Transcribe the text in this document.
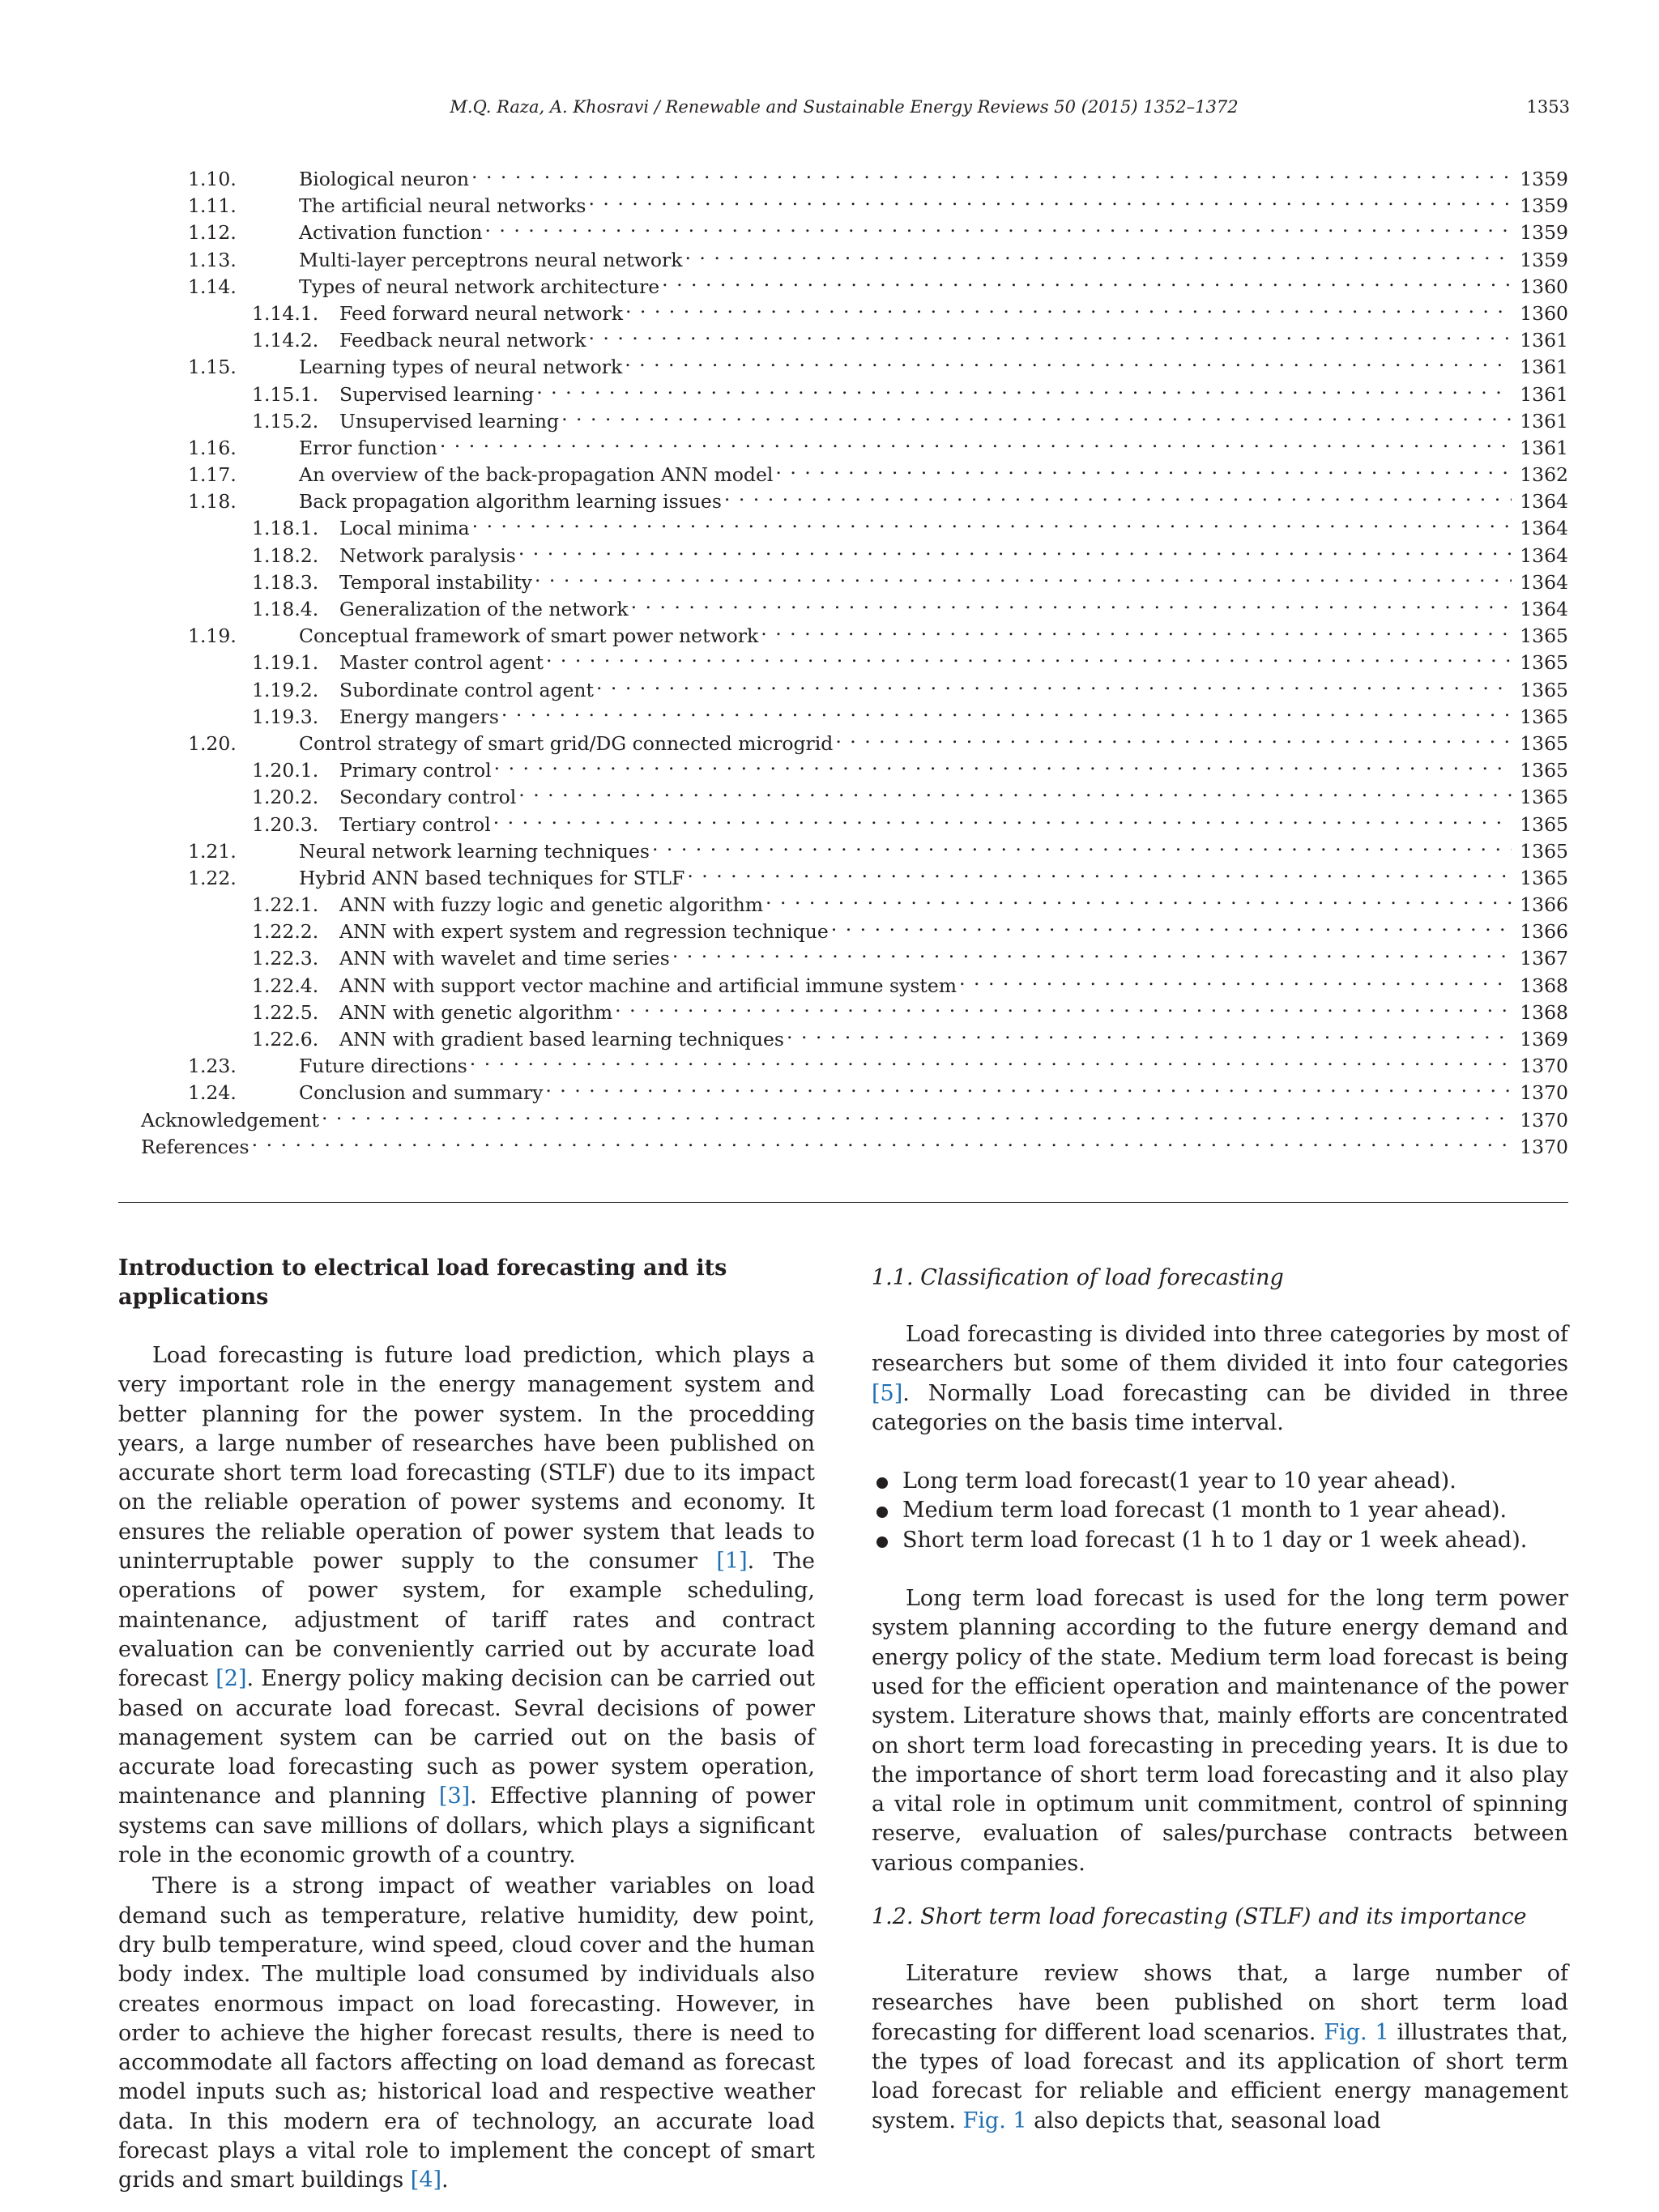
M.Q. Raza, A. Khosravi / Renewable and Sustainable Energy Reviews 50 (2015) 1352–1372	1353
1.10.	Biological neuron . . .	1359
1.11.	The artificial neural networks . . .	1359
1.12.	Activation function . . .	1359
1.13.	Multi-layer perceptrons neural network . . .	1359
1.14.	Types of neural network architecture . . .	1360
1.14.1.	Feed forward neural network . . .	1360
1.14.2.	Feedback neural network . . .	1361
1.15.	Learning types of neural network . . .	1361
1.15.1.	Supervised learning . . .	1361
1.15.2.	Unsupervised learning . . .	1361
1.16.	Error function . . .	1361
1.17.	An overview of the back-propagation ANN model . . .	1362
1.18.	Back propagation algorithm learning issues . . .	1364
1.18.1.	Local minima . . .	1364
1.18.2.	Network paralysis . . .	1364
1.18.3.	Temporal instability . . .	1364
1.18.4.	Generalization of the network . . .	1364
1.19.	Conceptual framework of smart power network . . .	1365
1.19.1.	Master control agent . . .	1365
1.19.2.	Subordinate control agent . . .	1365
1.19.3.	Energy mangers . . .	1365
1.20.	Control strategy of smart grid/DG connected microgrid . . .	1365
1.20.1.	Primary control . . .	1365
1.20.2.	Secondary control . . .	1365
1.20.3.	Tertiary control . . .	1365
1.21.	Neural network learning techniques . . .	1365
1.22.	Hybrid ANN based techniques for STLF . . .	1365
1.22.1.	ANN with fuzzy logic and genetic algorithm . . .	1366
1.22.2.	ANN with expert system and regression technique . . .	1366
1.22.3.	ANN with wavelet and time series . . .	1367
1.22.4.	ANN with support vector machine and artificial immune system . . .	1368
1.22.5.	ANN with genetic algorithm . . .	1368
1.22.6.	ANN with gradient based learning techniques . . .	1369
1.23.	Future directions . . .	1370
1.24.	Conclusion and summary . . .	1370
Acknowledgement . . .	1370
References . . .	1370
Introduction to electrical load forecasting and its applications

Load forecasting is future load prediction, which plays a very important role in the energy management system and better planning for the power system. In the procedding years, a large number of researches have been published on accurate short term load forecasting (STLF) due to its impact on the reliable operation of power systems and economy. It ensures the reliable operation of power system that leads to uninterruptable power supply to the consumer [1]. The operations of power system, for example scheduling, maintenance, adjustment of tariff rates and contract evaluation can be conveniently carried out by accurate load forecast [2]. Energy policy making decision can be carried out based on accurate load forecast. Sevral decisions of power management system can be carried out on the basis of accurate load forecasting such as power system operation, maintenance and planning [3]. Effective planning of power systems can save millions of dollars, which plays a significant role in the economic growth of a country.

There is a strong impact of weather variables on load demand such as temperature, relative humidity, dew point, dry bulb temperature, wind speed, cloud cover and the human body index. The multiple load consumed by individuals also creates enormous impact on load forecasting. However, in order to achieve the higher forecast results, there is need to accommodate all factors affecting on load demand as forecast model inputs such as; historical load and respective weather data. In this modern era of technology, an accurate load forecast plays a vital role to implement the concept of smart grids and smart buildings [4].

1.1. Classification of load forecasting

Load forecasting is divided into three categories by most of researchers but some of them divided it into four categories [5]. Normally Load forecasting can be divided in three categories on the basis time interval.

Long term load forecast(1 year to 10 year ahead).
Medium term load forecast (1 month to 1 year ahead).
Short term load forecast (1 h to 1 day or 1 week ahead).

Long term load forecast is used for the long term power system planning according to the future energy demand and energy policy of the state. Medium term load forecast is being used for the efficient operation and maintenance of the power system. Literature shows that, mainly efforts are concentrated on short term load forecasting in preceding years. It is due to the importance of short term load forecasting and it also play a vital role in optimum unit commitment, control of spinning reserve, evaluation of sales/purchase contracts between various companies.

1.2. Short term load forecasting (STLF) and its importance

Literature review shows that, a large number of researches have been published on short term load forecasting for different load scenarios. Fig. 1 illustrates that, the types of load forecast and its application of short term load forecast for reliable and efficient energy management system. Fig. 1 also depicts that, seasonal load
